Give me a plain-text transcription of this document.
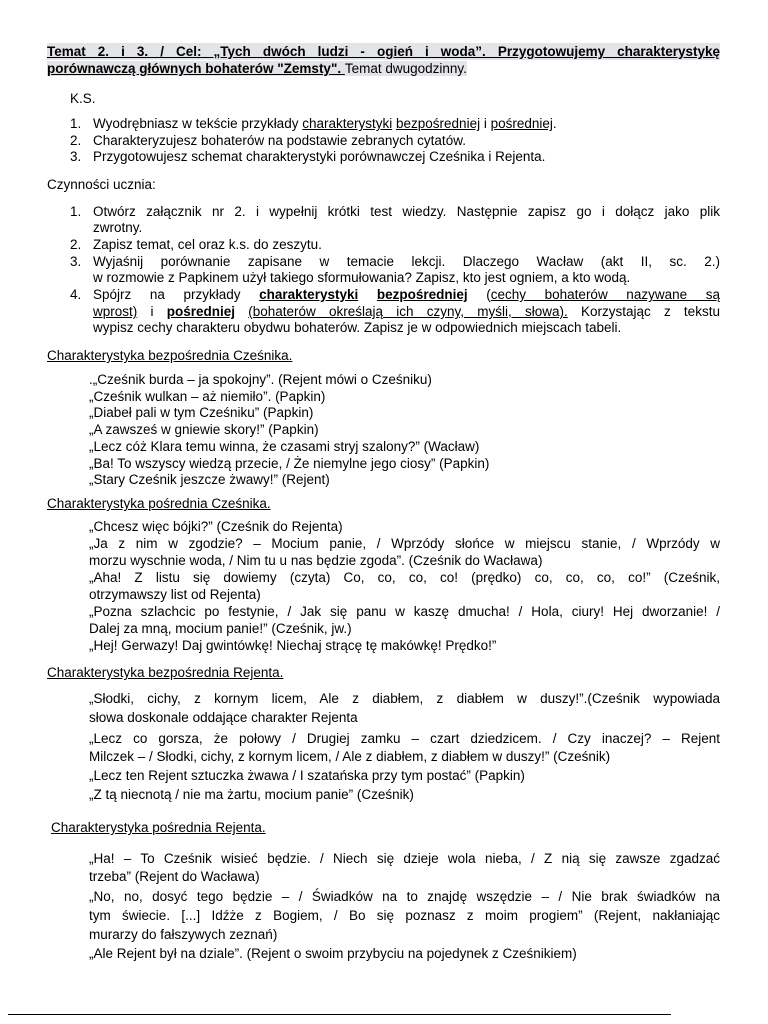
Temat 2. i 3. / Cel: „Tych dwóch ludzi - ogień i woda”. Przygotowujemy charakterystykę
porównawczą głównych bohaterów "Zemsty". Temat dwugodzinny.
K.S.
1. Wyodrębniasz w tekście przykłady charakterystyki bezpośredniej i pośredniej.
2. Charakteryzujesz bohaterów na podstawie zebranych cytatów.
3. Przygotowujesz schemat charakterystyki porównawczej Cześnika i Rejenta.
Czynności ucznia:
1. Otwórz załącznik nr 2. i wypełnij krótki test wiedzy. Następnie zapisz go i dołącz jako plik
zwrotny.
2. Zapisz temat, cel oraz k.s. do zeszytu.
3. Wyjaśnij porównanie zapisane w temacie lekcji. Dlaczego Wacław (akt II, sc. 2.)
w rozmowie z Papkinem użył takiego sformułowania? Zapisz, kto jest ogniem, a kto wodą.
4. Spójrz na przykłady charakterystyki bezpośredniej (cechy bohaterów nazywane są
wprost) i pośredniej (bohaterów określają ich czyny, myśli, słowa). Korzystając z tekstu
wypisz cechy charakteru obydwu bohaterów. Zapisz je w odpowiednich miejscach tabeli.
Charakterystyka bezpośrednia Cześnika.
.„Cześnik burda – ja spokojny”. (Rejent mówi o Cześniku)
„Cześnik wulkan – aż niemiło”. (Papkin)
„Diabeł pali w tym Cześniku” (Papkin)
„A zawsześ w gniewie skory!” (Papkin)
„Lecz cóż Klara temu winna, że czasami stryj szalony?” (Wacław)
„Ba! To wszyscy wiedzą przecie, / Że niemylne jego ciosy” (Papkin)
„Stary Cześnik jeszcze żwawy!” (Rejent)
Charakterystyka pośrednia Cześnika.
„Chcesz więc bójki?” (Cześnik do Rejenta)
„Ja z nim w zgodzie? – Mocium panie, / Wprzódy słońce w miejscu stanie, / Wprzódy w
morzu wyschnie woda, / Nim tu u nas będzie zgoda”. (Cześnik do Wacława)
„Aha! Z listu się dowiemy (czyta) Co, co, co, co! (prędko) co, co, co, co!” (Cześnik,
otrzymawszy list od Rejenta)
„Pozna szlachcic po festynie, / Jak się panu w kaszę dmucha! / Hola, ciury! Hej dworzanie! /
Dalej za mną, mocium panie!” (Cześnik, jw.)
„Hej! Gerwazy! Daj gwintówkę! Niechaj strącę tę makówkę! Prędko!”
Charakterystyka bezpośrednia Rejenta.
„Słodki, cichy, z kornym licem, Ale z diabłem, z diabłem w duszy!”.(Cześnik wypowiada
słowa doskonale oddające charakter Rejenta
„Lecz co gorsza, że połowy / Drugiej zamku – czart dziedzicem. / Czy inaczej? – Rejent
Milczek – / Słodki, cichy, z kornym licem, / Ale z diabłem, z diabłem w duszy!” (Cześnik)
„Lecz ten Rejent sztuczka żwawa / I szatańska przy tym postać” (Papkin)
„Z tą niecnotą / nie ma żartu, mocium panie” (Cześnik)
Charakterystyka pośrednia Rejenta.
„Ha! – To Cześnik wisieć będzie. / Niech się dzieje wola nieba, / Z nią się zawsze zgadzać
trzeba” (Rejent do Wacława)
„No, no, dosyć tego będzie – / Świadków na to znajdę wszędzie – / Nie brak świadków na
tym świecie. [...] Idźże z Bogiem, / Bo się poznasz z moim progiem” (Rejent, nakłaniając
murarzy do fałszywych zeznań)
„Ale Rejent był na dziale”. (Rejent o swoim przybyciu na pojedynek z Cześnikiem)
